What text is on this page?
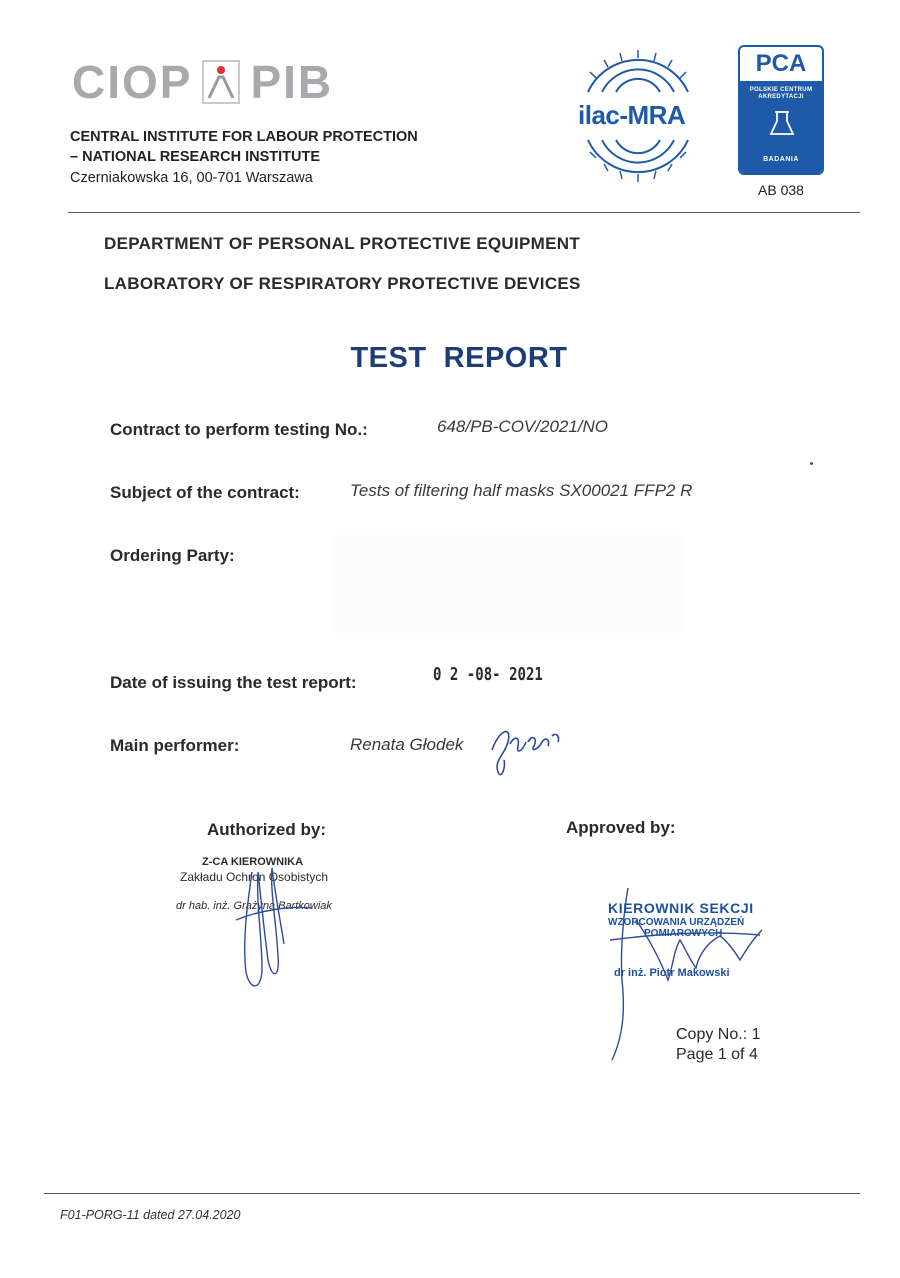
CIOP PIB
CENTRAL INSTITUTE FOR LABOUR PROTECTION
– NATIONAL RESEARCH INSTITUTE
Czerniakowska 16, 00-701 Warszawa
ilac-MRA
PCA
POLSKIE CENTRUM
AKREDYTACJI
BADANIA
AB 038
DEPARTMENT OF PERSONAL PROTECTIVE EQUIPMENT
LABORATORY OF RESPIRATORY PROTECTIVE DEVICES
TEST  REPORT
Contract to perform testing No.:	648/PB-COV/2021/NO
Subject of the contract:	Tests of filtering half masks SX00021 FFP2 R
Ordering Party:
Date of issuing the test report:	0 2 -08- 2021
Main performer:	Renata Głodek
Authorized by:	Approved by:
Z-CA KIEROWNIKA
Zakładu Ochron Osobistych
dr hab. inż. Grażyna Bartkowiak	KIEROWNIK SEKCJI
WZORCOWANIA URZĄDZEŃ
POMIAROWYCH
dr inż. Piotr Makowski
Copy No.: 1
Page 1 of 4
F01-PORG-11 dated 27.04.2020
